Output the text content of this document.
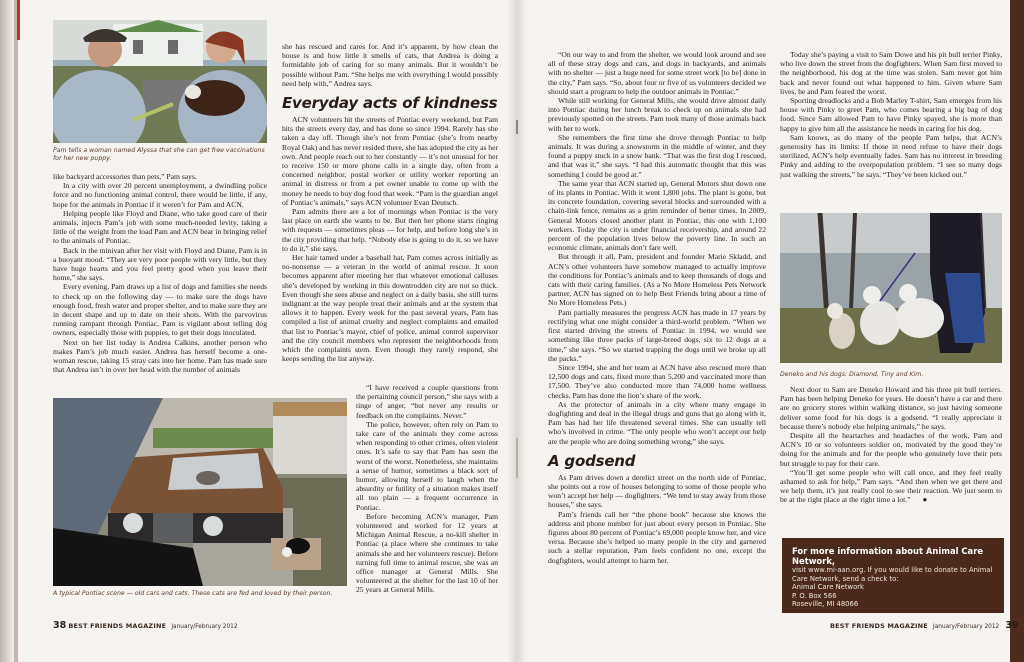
Pam tells a woman named Alyssa that she can get free vaccinations for her new puppy.

like backyard accessories than pets,” Pam says.

In a city with over 20 percent unemployment, a dwindling police force and no functioning animal control, there would be little, if any, hope for the animals in Pontiac if it weren’t for Pam and ACN.

Helping people like Floyd and Diane, who take good care of their animals, injects Pam’s job with some much-needed levity, taking a little of the weight from the load Pam and ACN bear in bringing relief to the animals of Pontiac.

Back in the minivan after her visit with Floyd and Diane, Pam is in a buoyant mood. “They are very poor people with very little, but they have huge hearts and you feel pretty good when you leave their home,” she says.

Every evening, Pam draws up a list of dogs and families she needs to check up on the following day — to make sure the dogs have enough food, fresh water and proper shelter, and to make sure they are in decent shape and up to date on their shots. With the parvovirus running rampant through Pontiac, Pam is vigilant about telling dog owners, especially those with puppies, to get their dogs inoculated.

Next on her list today is Andrea Calkins, another person who makes Pam’s job much easier. Andrea has herself become a one-woman rescue, taking 15 stray cats into her home. Pam has made sure that Andrea isn’t in over her head with the number of animals

she has rescued and cares for. And it’s apparent, by how clean the house is and how little it smells of cats, that Andrea is doing a formidable job of caring for so many animals. But it wouldn’t be possible without Pam. “She helps me with everything I would possibly need help with,” Andrea says.

Everyday acts of kindness

ACN volunteers hit the streets of Pontiac every weekend, but Pam hits the streets every day, and has done so since 1994. Rarely has she taken a day off. Though she’s not from Pontiac (she’s from nearby Royal Oak) and has never resided there, she has adopted the city as her own. And people reach out to her constantly — it’s not unusual for her to receive 150 or more phone calls in a single day, often from a concerned neighbor, postal worker or utility worker reporting an animal in distress or from a pet owner unable to come up with the money he needs to buy dog food that week. “Pam is the guardian angel of Pontiac’s animals,” says ACN volunteer Evan Deutsch.

Pam admits there are a lot of mornings when Pontiac is the very last place on earth she wants to be. But then her phone starts ringing with requests — sometimes pleas — for help, and before long she’s in the city providing that help. “Nobody else is going to do it, so we have to do it,” she says.

Her hair tamed under a baseball hat, Pam comes across initially as no-nonsense — a veteran in the world of animal rescue. It soon becomes apparent after meeting her that whatever emotional calluses she’s developed by working in this downtrodden city are not so thick. Even though she sees abuse and neglect on a daily basis, she still turns indignant at the way people treat their animals and at the system that allows it to happen. Every week for the past several years, Pam has compiled a list of animal cruelty and neglect complaints and emailed that list to Pontiac’s mayor, chief of police, animal control supervisor and the city council members who represent the neighborhoods from which the complaints stem. Even though they rarely respond, she keeps sending the list anyway.

A typical Pontiac scene — old cars and cats. These cats are fed and loved by their person.

“I have received a couple questions from the pertaining council person,” she says with a tinge of anger, “but never any results or feedback on the complaints. Never.”

The police, however, often rely on Pam to take care of the animals they come across when responding to other crimes, often violent ones. It’s safe to say that Pam has seen the worst of the worst. Nonetheless, she maintains a sense of humor, sometimes a black sort of humor, allowing herself to laugh when the absurdity or futility of a situation makes itself all too plain — a frequent occurrence in Pontiac.

Before becoming ACN’s manager, Pam volunteered and worked for 12 years at Michigan Animal Rescue, a no-kill shelter in Pontiac (a place where she continues to take animals she and her volunteers rescue). Before turning full time to animal rescue, she was an office manager at General Mills. She volunteered at the shelter for the last 10 of her 25 years at General Mills.

38 BEST FRIENDS MAGAZINE January/February 2012

“On our way to and from the shelter, we would look around and see all of these stray dogs and cats, and dogs in backyards, and animals with no shelter — just a huge need for some street work [to be] done in the city,” Pam says. “So, about four or five of us volunteers decided we should start a program to help the outdoor animals in Pontiac.”

While still working for General Mills, she would drive almost daily into Pontiac during her lunch break to check up on animals she had previously spotted on the streets. Pam took many of those animals back with her to work.

She remembers the first time she drove through Pontiac to help animals. It was during a snowstorm in the middle of winter, and they found a puppy stuck in a snow bank. “That was the first dog I rescued, and that was it,” she says. “I had this automatic thought that this was something I could be good at.”

The same year that ACN started up, General Motors shut down one of its plants in Pontiac. With it went 1,800 jobs. The plant is gone, but its concrete foundation, covering several blocks and surrounded with a chain-link fence, remains as a grim reminder of better times. In 2009, General Motors closed another plant in Pontiac, this one with 1,100 workers. Today the city is under financial receivership, and around 22 percent of the population lives below the poverty line. In such an economic climate, animals don’t fare well.

But through it all, Pam, president and founder Marie Skladd, and ACN’s other volunteers have somehow managed to actually improve the conditions for Pontiac’s animals and to keep thousands of dogs and cats with their caring families. (As a No More Homeless Pets Network partner, ACN has signed on to help Best Friends bring about a time of No More Homeless Pets.)

Pam partially measures the progress ACN has made in 17 years by rectifying what one might consider a third-world problem. “When we first started driving the streets of Pontiac in 1994, we would see something like three packs of large-breed dogs, six to 12 dogs at a time,” she says. “So we started trapping the dogs until we broke up all the packs.”

Since 1994, she and her team at ACN have also rescued more than 12,500 dogs and cats, fixed more than 5,200 and vaccinated more than 17,500. They’ve also conducted more than 74,000 home wellness checks. Pam has done the lion’s share of the work.

As the protector of animals in a city where many engage in dogfighting and deal in the illegal drugs and guns that go along with it, Pam has had her life threatened several times. She can usually tell who’s involved in crime. “The only people who won’t accept our help are the people who are doing something wrong,” she says.

A godsend

As Pam drives down a derelict street on the north side of Pontiac, she points out a row of houses belonging to some of those people who won’t accept her help — dogfighters. “We tend to stay away from those houses,” she says.

Pam’s friends call her “the phone book” because she knows the address and phone number for just about every person in Pontiac. She figures about 80 percent of Pontiac’s 69,000 people know her, and vice versa. Because she’s helped so many people in the city and garnered such a stellar reputation, Pam feels confident no one, except the dogfighters, would attempt to harm her.

Today she’s paying a visit to Sam Dowe and his pit bull terrier Pinky, who live down the street from the dogfighters. When Sam first moved to the neighborhood, his dog at the time was stolen. Sam never got him back and never found out what happened to him. Given where Sam lives, he and Pam feared the worst.

Sporting dreadlocks and a Bob Marley T-shirt, Sam emerges from his house with Pinky to greet Pam, who comes bearing a big bag of dog food. Since Sam allowed Pam to have Pinky spayed, she is more than happy to give him all the assistance he needs in caring for his dog.

Sam knows, as do many of the people Pam helps, that ACN’s generosity has its limits: If those in need refuse to have their dogs sterilized, ACN’s help eventually fades. Sam has no interest in breeding Pinky and adding to the overpopulation problem. “I see so many dogs just walking the streets,” he says. “They’ve been kicked out.”

Deneko and his dogs: Diamond, Tiny and Kim.

Next door to Sam are Deneko Howard and his three pit bull terriers. Pam has been helping Deneko for years. He doesn’t have a car and there are no grocery stores within walking distance, so just having someone deliver some food for his dogs is a godsend. “I really appreciate it because there’s nobody else helping animals,” he says.

Despite all the heartaches and headaches of the work, Pam and ACN’s 10 or so volunteers soldier on, motivated by the good they’re doing for the animals and for the people who genuinely love their pets but struggle to pay for their care.

“You’ll get some people who will call once, and they feel really ashamed to ask for help,” Pam says. “And then when we get there and we help them, it’s just really cool to see their reaction. We just seem to be at the right place at the right time a lot.” ●

For more information about Animal Care Network,
visit www.mi-aan.org. If you would like to donate to Animal
Care Network, send a check to:
Animal Care Network
P. O. Box 566
Roseville, MI 48066
BEST FRIENDS MAGAZINE January/February 2012 39
